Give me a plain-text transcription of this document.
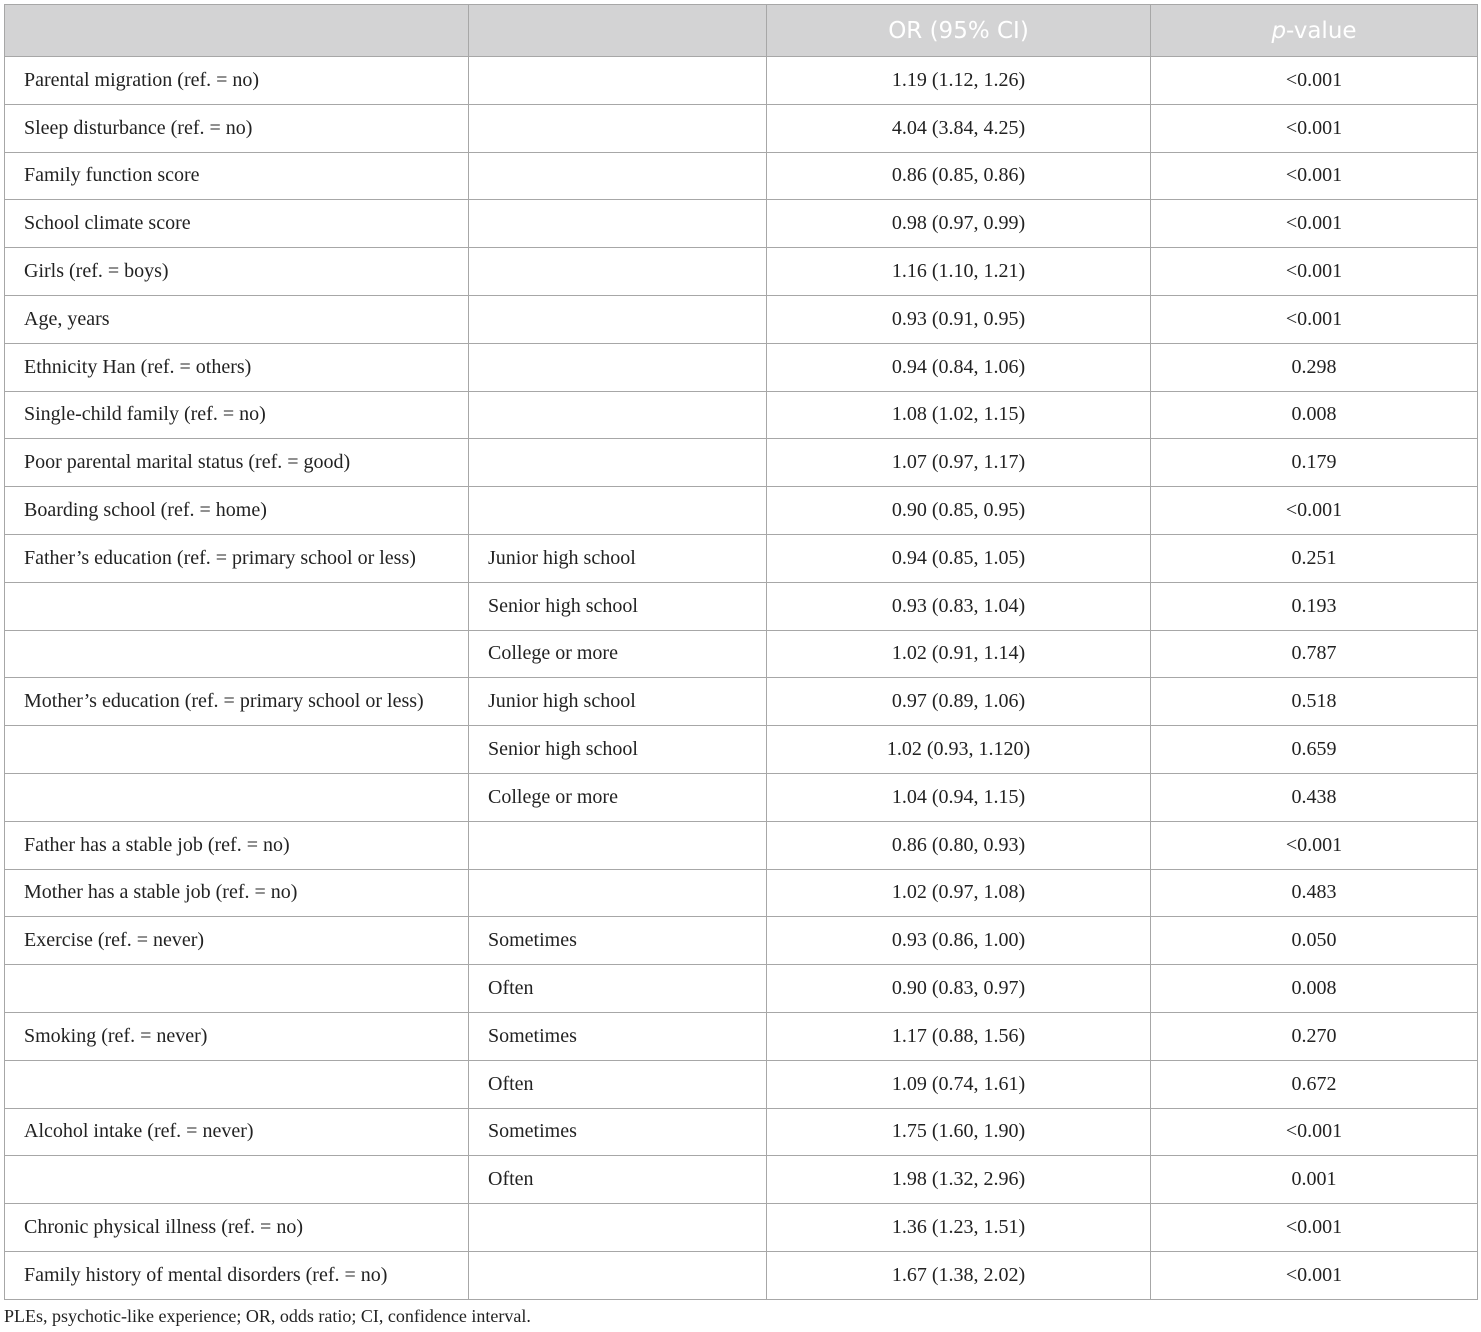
		OR (95% CI)	p-value
Parental migration (ref. = no)		1.19 (1.12, 1.26)	<0.001
Sleep disturbance (ref. = no)		4.04 (3.84, 4.25)	<0.001
Family function score		0.86 (0.85, 0.86)	<0.001
School climate score		0.98 (0.97, 0.99)	<0.001
Girls (ref. = boys)		1.16 (1.10, 1.21)	<0.001
Age, years		0.93 (0.91, 0.95)	<0.001
Ethnicity Han (ref. = others)		0.94 (0.84, 1.06)	0.298
Single-child family (ref. = no)		1.08 (1.02, 1.15)	0.008
Poor parental marital status (ref. = good)		1.07 (0.97, 1.17)	0.179
Boarding school (ref. = home)		0.90 (0.85, 0.95)	<0.001
Father’s education (ref. = primary school or less)	Junior high school	0.94 (0.85, 1.05)	0.251
	Senior high school	0.93 (0.83, 1.04)	0.193
	College or more	1.02 (0.91, 1.14)	0.787
Mother’s education (ref. = primary school or less)	Junior high school	0.97 (0.89, 1.06)	0.518
	Senior high school	1.02 (0.93, 1.120)	0.659
	College or more	1.04 (0.94, 1.15)	0.438
Father has a stable job (ref. = no)		0.86 (0.80, 0.93)	<0.001
Mother has a stable job (ref. = no)		1.02 (0.97, 1.08)	0.483
Exercise (ref. = never)	Sometimes	0.93 (0.86, 1.00)	0.050
	Often	0.90 (0.83, 0.97)	0.008
Smoking (ref. = never)	Sometimes	1.17 (0.88, 1.56)	0.270
	Often	1.09 (0.74, 1.61)	0.672
Alcohol intake (ref. = never)	Sometimes	1.75 (1.60, 1.90)	<0.001
	Often	1.98 (1.32, 2.96)	0.001
Chronic physical illness (ref. = no)		1.36 (1.23, 1.51)	<0.001
Family history of mental disorders (ref. = no)		1.67 (1.38, 2.02)	<0.001
PLEs, psychotic-like experience; OR, odds ratio; CI, confidence interval.
